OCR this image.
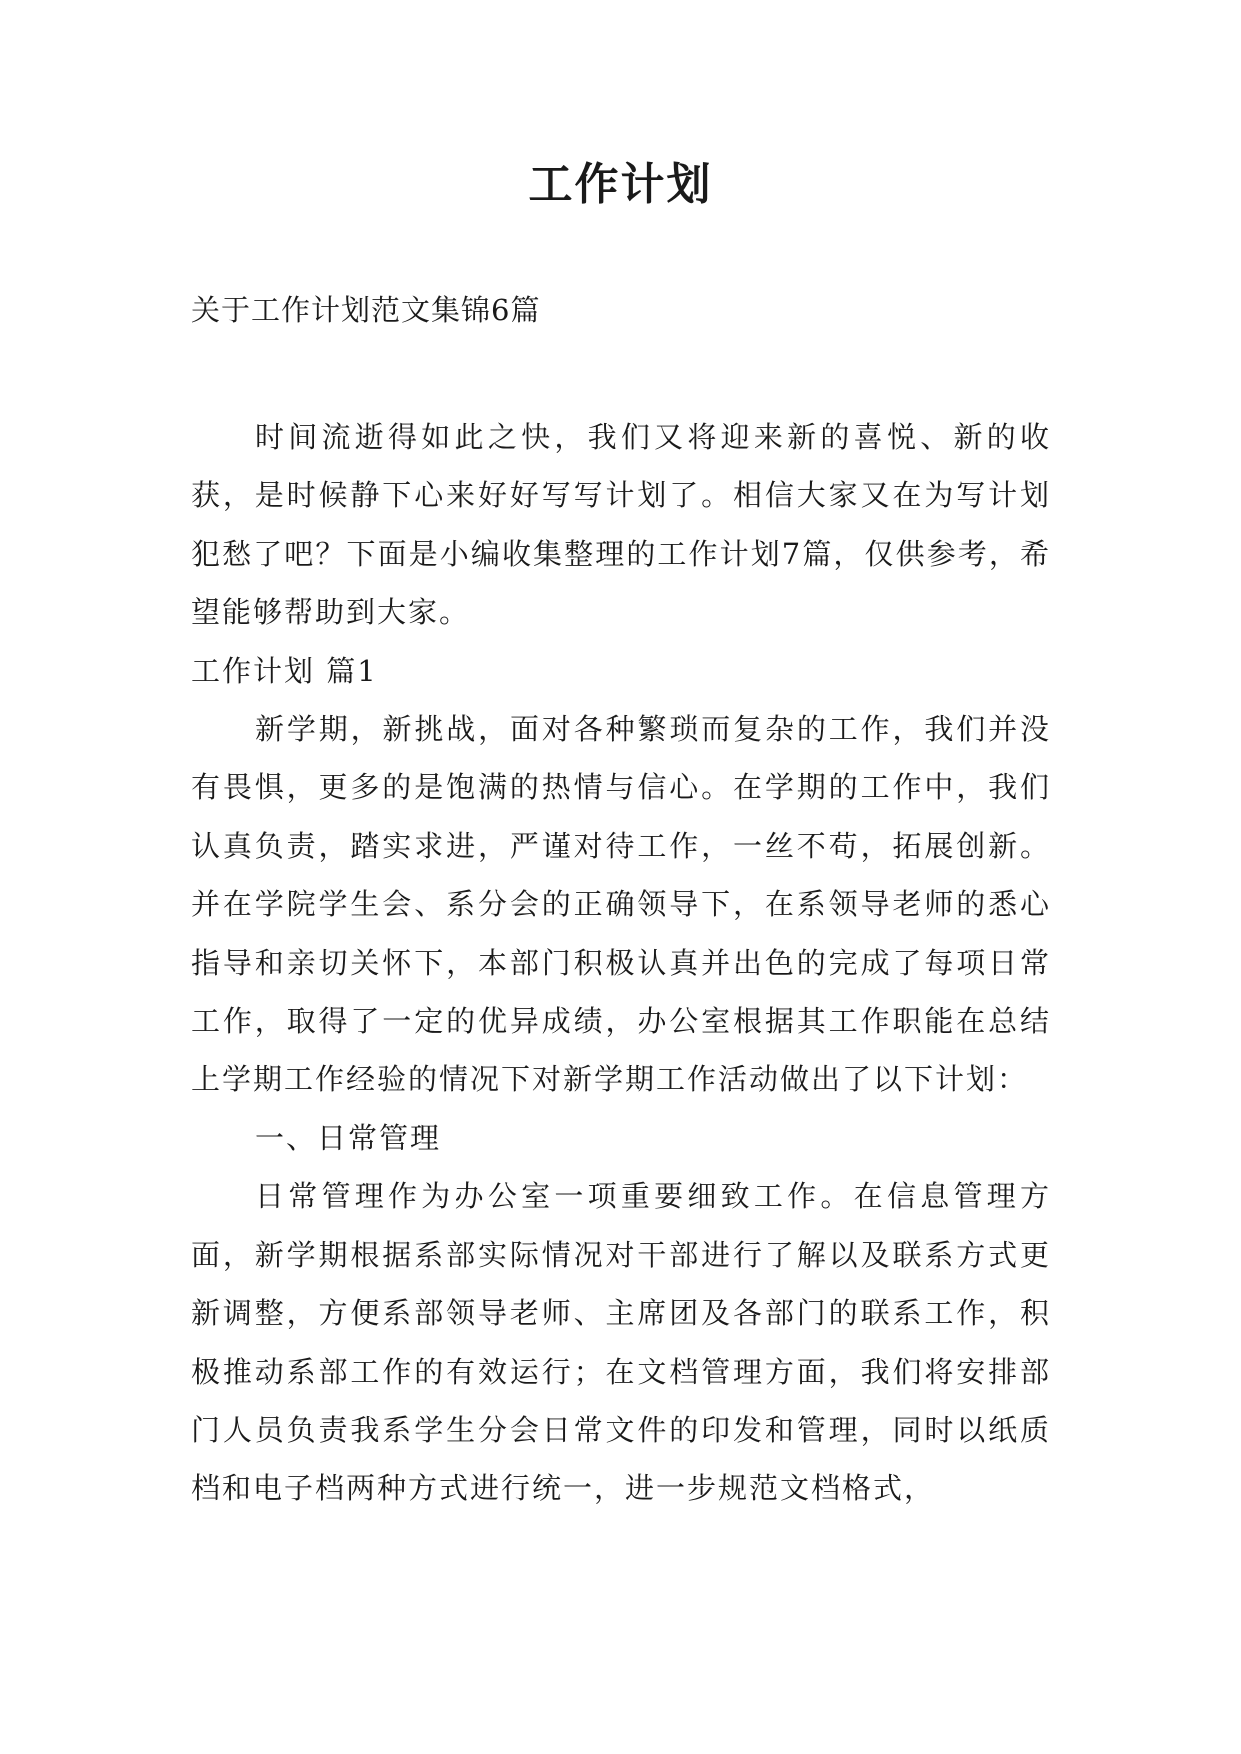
工作计划
关于工作计划范文集锦6篇

时间流逝得如此之快，我们又将迎来新的喜悦、新的收获，是时候静下心来好好写写计划了。相信大家又在为写计划犯愁了吧？下面是小编收集整理的工作计划7篇，仅供参考，希望能够帮助到大家。

工作计划 篇1

新学期，新挑战，面对各种繁琐而复杂的工作，我们并没有畏惧，更多的是饱满的热情与信心。在学期的工作中，我们认真负责，踏实求进，严谨对待工作，一丝不苟，拓展创新。并在学院学生会、系分会的正确领导下，在系领导老师的悉心指导和亲切关怀下，本部门积极认真并出色的完成了每项日常工作，取得了一定的优异成绩，办公室根据其工作职能在总结上学期工作经验的情况下对新学期工作活动做出了以下计划：

一、日常管理

日常管理作为办公室一项重要细致工作。在信息管理方面，新学期根据系部实际情况对干部进行了解以及联系方式更新调整，方便系部领导老师、主席团及各部门的联系工作，积极推动系部工作的有效运行；在文档管理方面，我们将安排部门人员负责我系学生分会日常文件的印发和管理，同时以纸质档和电子档两种方式进行统一，进一步规范文档格式，
